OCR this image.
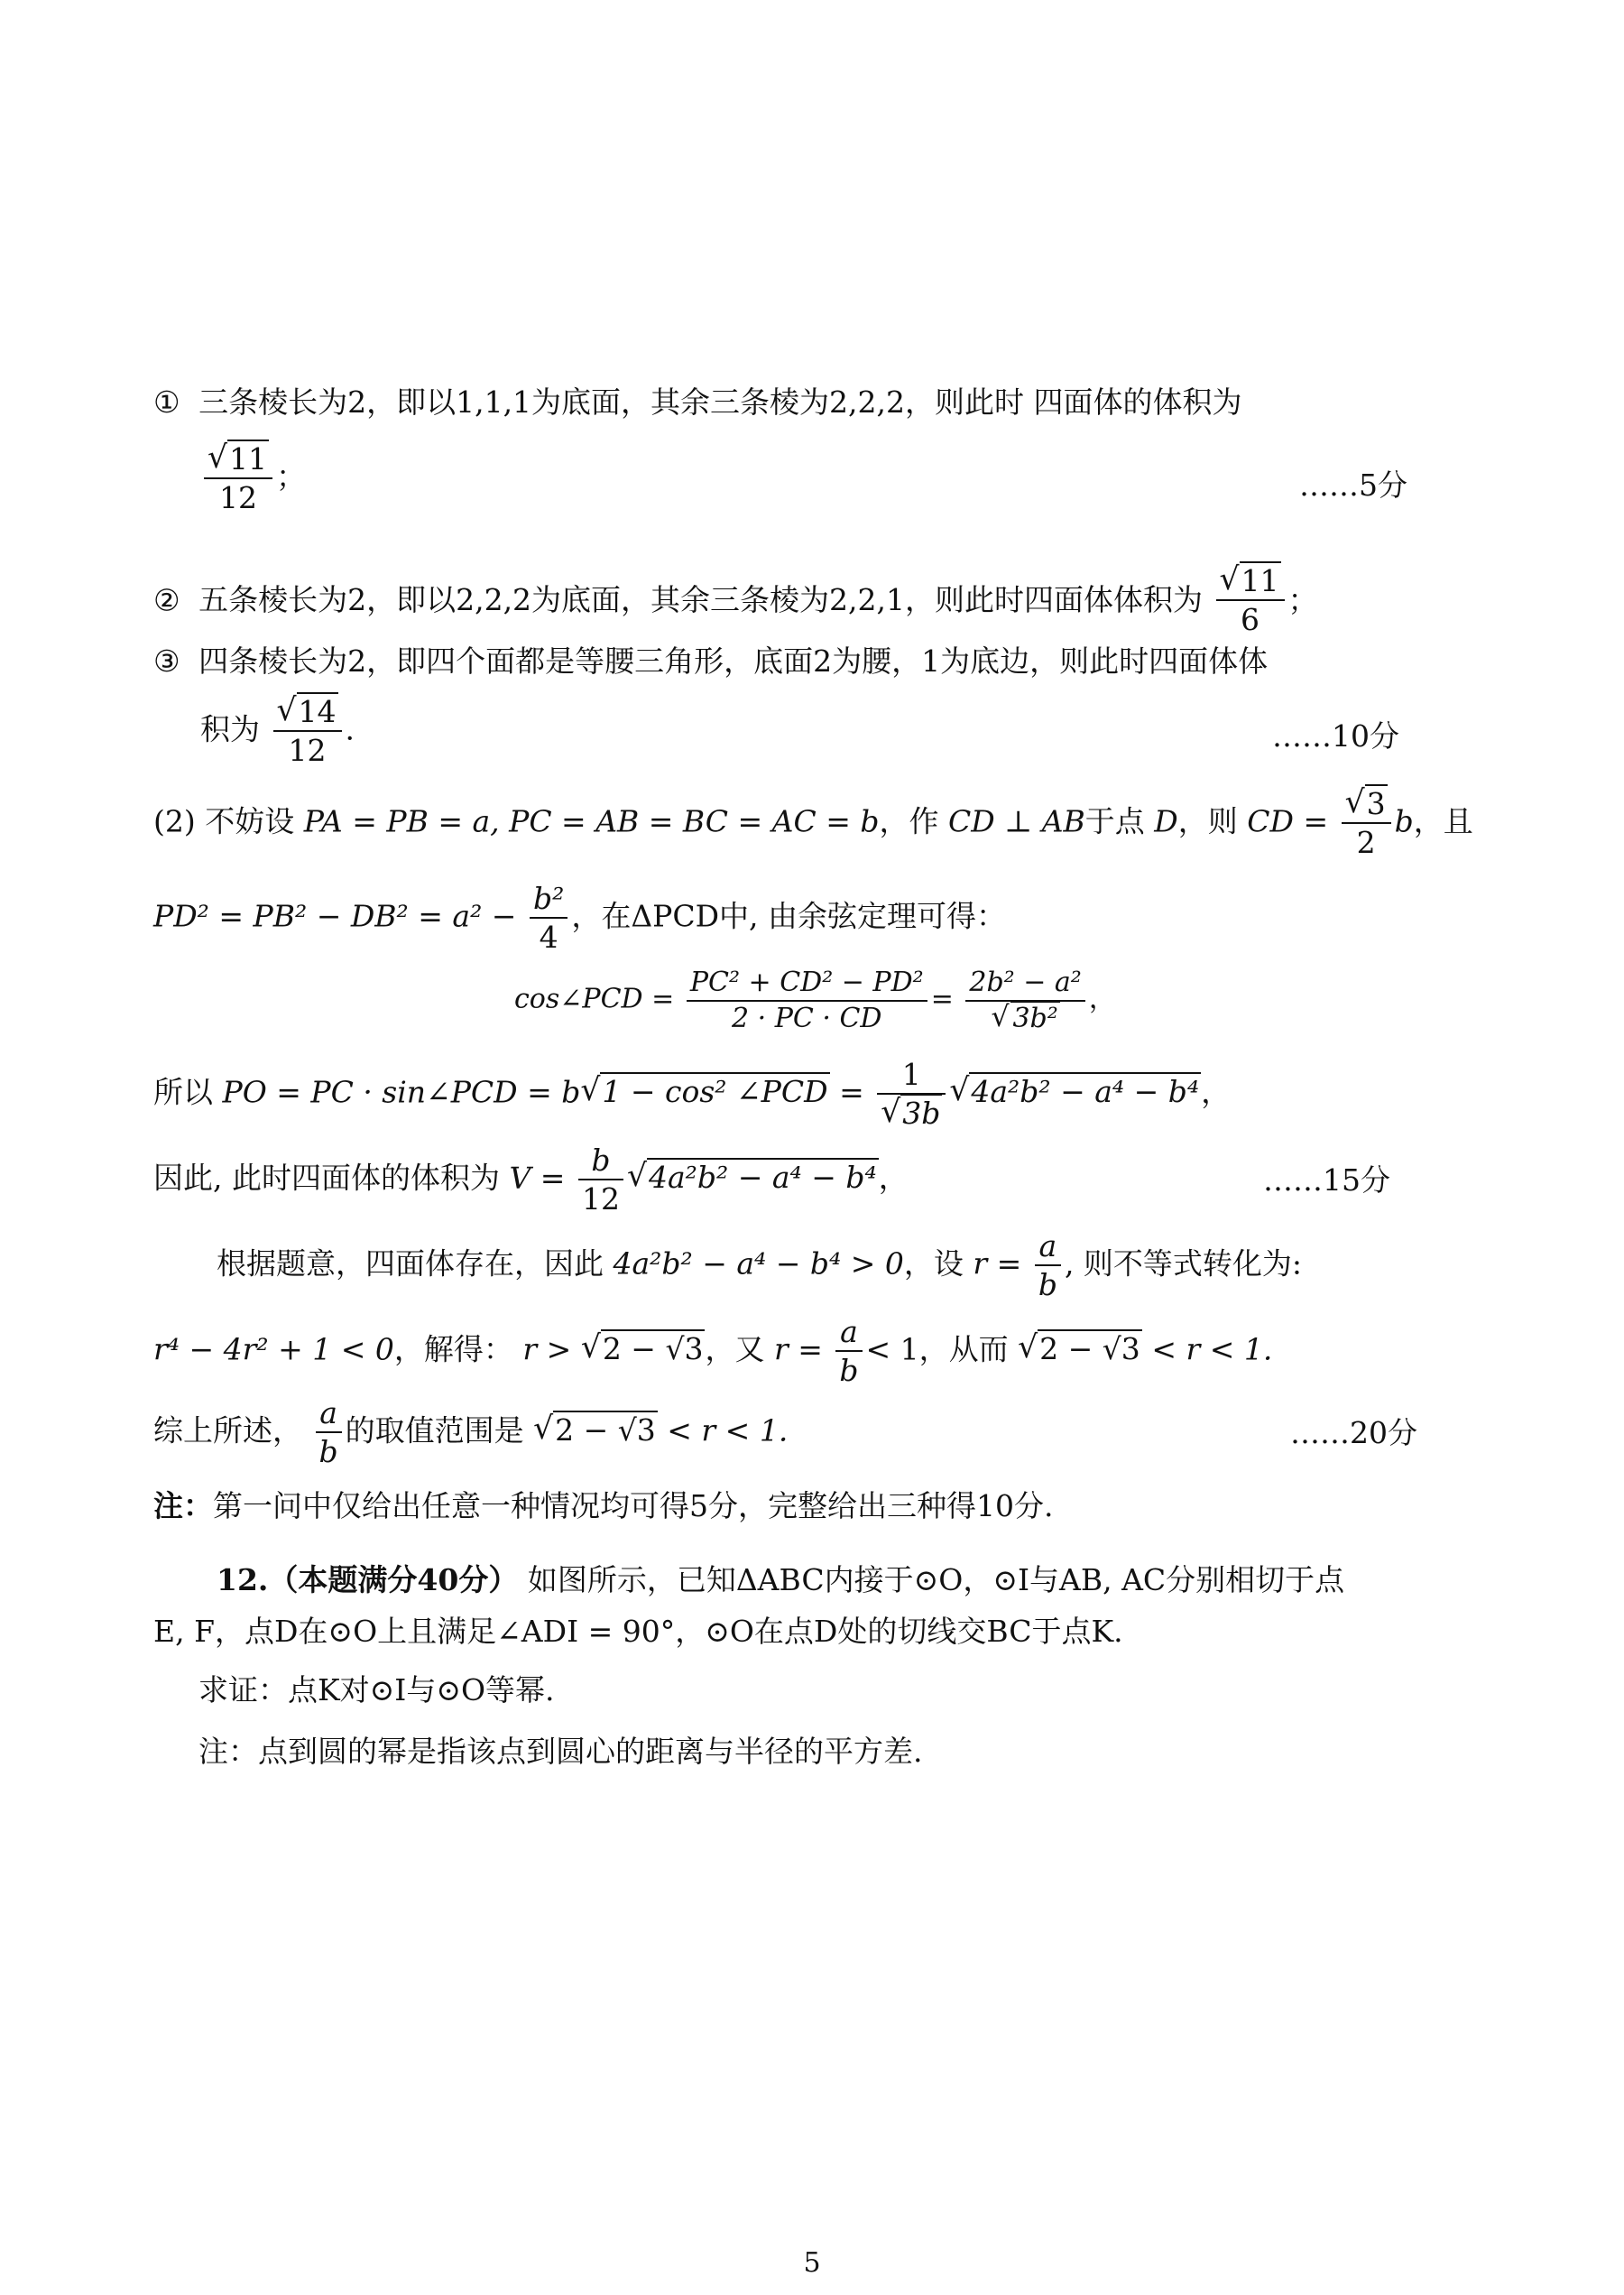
① 三条棱长为2，即以1,1,1为底面，其余三条棱为2,2,2，则此时 四面体的体积为
√ $\frac{11}{12}$ ；	……5分
② 五条棱长为2，即以2,2,2为底面，其余三条棱为2,2,1，则此时四面体体积为 √ $\frac{11}{6}$ ；
③ 四条棱长为2，即四个面都是等腰三角形，底面2为腰，1为底边，则此时四面体体
积为 √ $\frac{14}{12}$ .	……10分
(2) 不妨设 PA = PB = a, PC = AB = BC = AC = b，作 CD ⊥ AB于点 D，则 CD = √ $\frac{3}{2}$ b，且
$PD^2 = PB^2 - DB^2 = a^2 - \frac{\text{b²}}{4}$ ，在ΔPCD中, 由余弦定理可得：
cos∠PCD = $\frac{\text{PC² + CD² − PD²}}{2 \cdot PC \cdot CD} = 2b^2 - a^2$
√ 3b² ，
所以 PO = PC · sin∠PCD = b √ 1 − cos² ∠PCD = 1
√ 3b √ 4a²b² − a⁴ − b⁴，
因此, 此时四面体的体积为 $V = \frac{b}{12}$ √ 4a²b² − a⁴ − b⁴，	……15分
根据题意，四面体存在，因此 4a²b² − a⁴ − b⁴ > 0，设 $r = \frac{a}{b}$ , 则不等式转化为:
r⁴ − 4r² + 1 < 0，解得： r > √ 2 − √3，又 $r = \frac{a}{b} < 1$，从而 √ 2 − √3 < r < 1.
综上所述， $\frac{a}{b}$ 的取值范围是 √ 2 − √3 < r < 1.	……20分
注：第一问中仅给出任意一种情况均可得5分，完整给出三种得10分.
12.（本题满分40分） 如图所示，已知ΔABC内接于⊙O，⊙I与AB, AC分别相切于点
E, F，点D在⊙O上且满足∠ADI = 90°，⊙O在点D处的切线交BC于点K.
求证：点K对⊙I与⊙O等幂.
注：点到圆的幂是指该点到圆心的距离与半径的平方差.
5
